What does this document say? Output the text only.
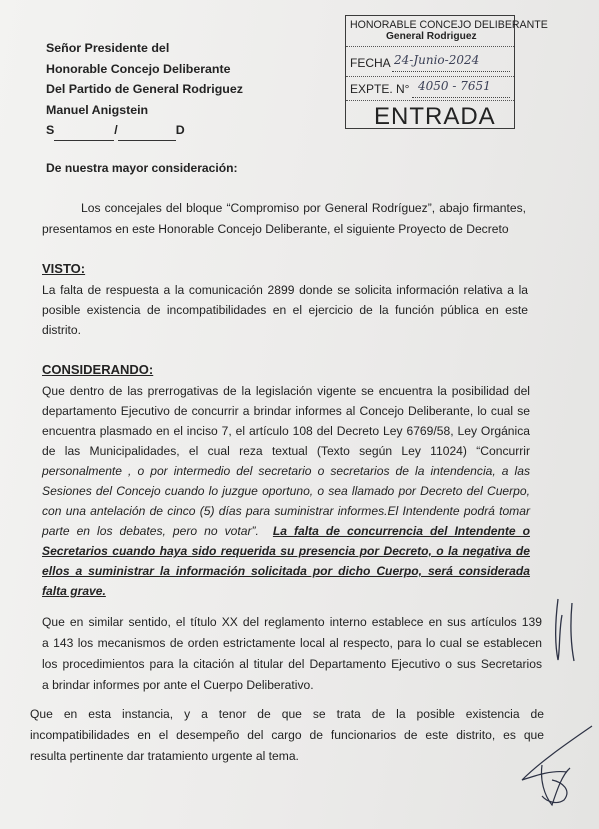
Señor Presidente del
Honorable Concejo Deliberante
Del Partido de General Rodriguez
Manuel Anigstein
S	/	D
HONORABLE CONCEJO DELIBERANTE
General Rodriguez
FECHA 24-Junio-2024
EXPTE. N° 4050 - 7651
ENTRADA
De nuestra mayor consideración:
Los concejales del bloque “Compromiso por General Rodríguez”, abajo firmantes,
presentamos en este Honorable Concejo Deliberante, el siguiente Proyecto de Decreto
VISTO:
La falta de respuesta a la comunicación 2899 donde se solicita información relativa a la
posible existencia de incompatibilidades en el ejercicio de la función pública en este
distrito.
CONSIDERANDO:
Que dentro de las prerrogativas de la legislación vigente se encuentra la posibilidad del
departamento Ejecutivo de concurrir a brindar informes al Concejo Deliberante, lo cual se
encuentra plasmado en el inciso 7, el artículo 108 del Decreto Ley 6769/58, Ley Orgánica
de las Municipalidades, el cual reza textual (Texto según Ley 11024) “Concurrir
personalmente , o por intermedio del secretario o secretarios de la intendencia, a las
Sesiones del Concejo cuando lo juzgue oportuno, o sea llamado por Decreto del Cuerpo,
con una antelación de cinco (5) días para suministrar informes.El Intendente podrá tomar
parte en los debates, pero no votar”. La falta de concurrencia del Intendente o
Secretarios cuando haya sido requerida su presencia por Decreto, o la negativa de
ellos a suministrar la información solicitada por dicho Cuerpo, será considerada
falta grave.
Que en similar sentido, el título XX del reglamento interno establece en sus artículos 139
a 143 los mecanismos de orden estrictamente local al respecto, para lo cual se establecen
los procedimientos para la citación al titular del Departamento Ejecutivo o sus Secretarios
a brindar informes por ante el Cuerpo Deliberativo.
Que en esta instancia, y a tenor de que se trata de la posible existencia de
incompatibilidades en el desempeño del cargo de funcionarios de este distrito, es que
resulta pertinente dar tratamiento urgente al tema.
